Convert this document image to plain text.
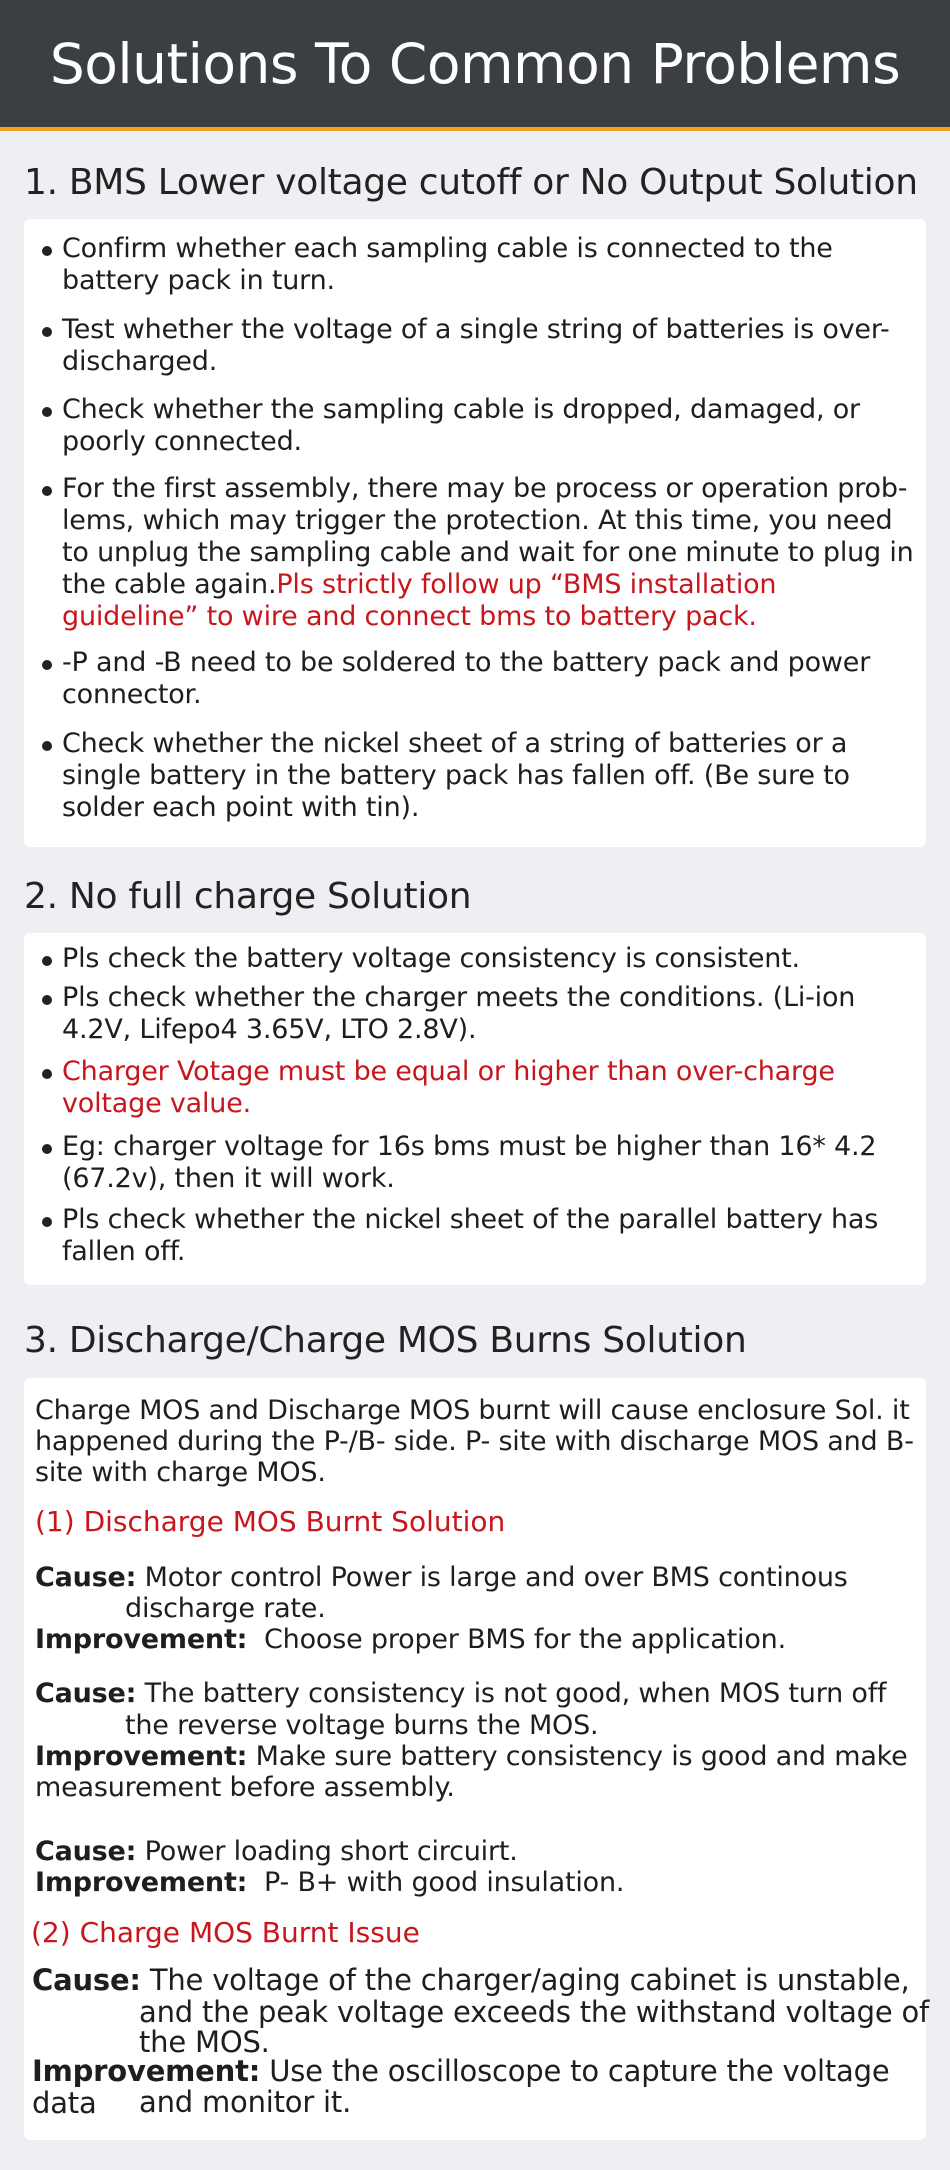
Solutions To Common Problems
1. BMS Lower voltage cutoff or No Output Solution
Confirm whether each sampling cable is connected to the battery pack in turn.
Test whether the voltage of a single string of batteries is over-discharged.
Check whether the sampling cable is dropped, damaged, or poorly connected.
For the first assembly, there may be process or operation prob-lems, which may trigger the protection. At this time, you need to unplug the sampling cable and wait for one minute to plug in the cable again.Pls strictly follow up “BMS installation guideline” to wire and connect bms to battery pack.
-P and -B need to be soldered to the battery pack and power connector.
Check whether the nickel sheet of a string of batteries or a single battery in the battery pack has fallen off. (Be sure to solder each point with tin).
2. No full charge Solution
Pls check the battery voltage consistency is consistent.
Pls check whether the charger meets the conditions. (Li-ion 4.2V, Lifepo4 3.65V, LTO 2.8V).
Charger Votage must be equal or higher than over-charge voltage value.
Eg: charger voltage for 16s bms must be higher than 16* 4.2 (67.2v), then it will work.
Pls check whether the nickel sheet of the parallel battery has fallen off.
3. Discharge/Charge MOS Burns Solution
Charge MOS and Discharge MOS burnt will cause enclosure Sol. it happened during the P-/B- side. P- site with discharge MOS and B-site with charge MOS.
(1) Discharge MOS Burnt Solution
Cause: Motor control Power is large and over BMS continous
discharge rate.
Improvement: Choose proper BMS for the application.
Cause: The battery consistency is not good, when MOS turn off
the reverse voltage burns the MOS.
Improvement: Make sure battery consistency is good and make measurement before assembly.
Cause: Power loading short circuirt.
Improvement: P- B+ with good insulation.
(2) Charge MOS Burnt Issue
Cause: The voltage of the charger/aging cabinet is unstable,
and the peak voltage exceeds the withstand voltage of
the MOS.
Improvement: Use the oscilloscope to capture the voltage data	and monitor it.
